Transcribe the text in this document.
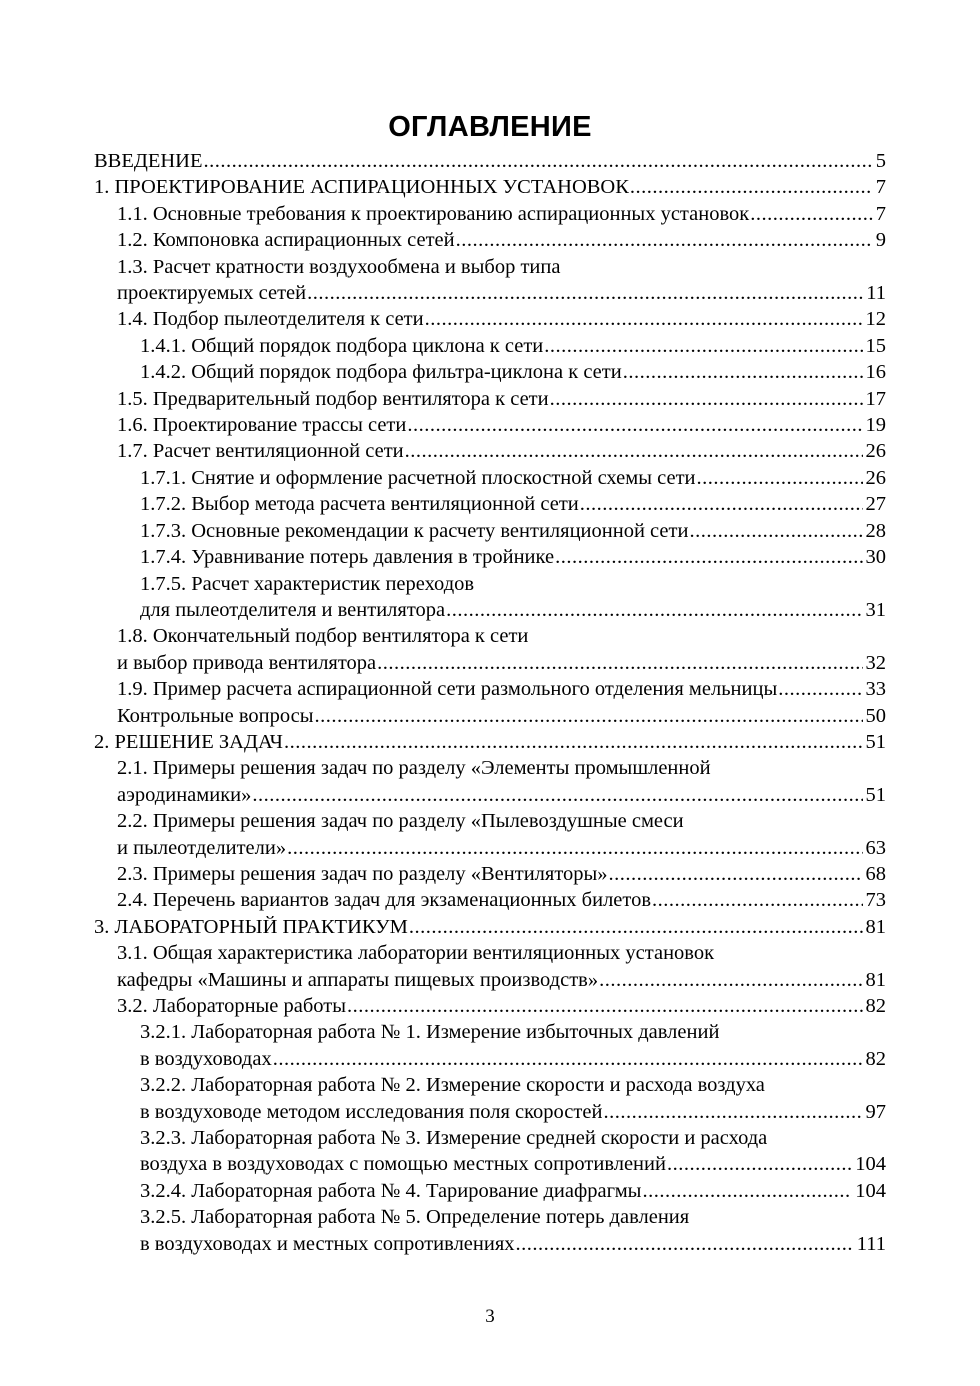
ОГЛАВЛЕНИЕ
ВВЕДЕНИЕ .....	5
1. ПРОЕКТИРОВАНИЕ АСПИРАЦИОННЫХ УСТАНОВОК .....	7
1.1. Основные требования к проектированию аспирационных установок .....	7
1.2. Компоновка аспирационных сетей .....	9
1.3. Расчет кратности воздухообмена и выбор типа
проектируемых сетей .....	11
1.4. Подбор пылеотделителя к сети .....	12
1.4.1. Общий порядок подбора циклона к сети .....	15
1.4.2. Общий порядок подбора фильтра-циклона к сети .....	16
1.5. Предварительный подбор вентилятора к сети .....	17
1.6. Проектирование трассы сети .....	19
1.7. Расчет вентиляционной сети .....	26
1.7.1. Снятие и оформление расчетной плоскостной схемы сети .....	26
1.7.2. Выбор метода расчета вентиляционной сети .....	27
1.7.3. Основные рекомендации к расчету вентиляционной сети .....	28
1.7.4. Уравнивание потерь давления в тройнике .....	30
1.7.5. Расчет характеристик переходов
для пылеотделителя и вентилятора .....	31
1.8. Окончательный подбор вентилятора к сети
и выбор привода вентилятора .....	32
1.9. Пример расчета аспирационной сети размольного отделения мельницы .....	33
Контрольные вопросы .....	50
2. РЕШЕНИЕ ЗАДАЧ .....	51
2.1. Примеры решения задач по разделу «Элементы промышленной
аэродинамики» .....	51
2.2. Примеры решения задач по разделу «Пылевоздушные смеси
и пылеотделители» .....	63
2.3. Примеры решения задач по разделу «Вентиляторы» .....	68
2.4. Перечень вариантов задач для экзаменационных билетов .....	73
3. ЛАБОРАТОРНЫЙ ПРАКТИКУМ .....	81
3.1. Общая характеристика лаборатории вентиляционных установок
кафедры «Машины и аппараты пищевых производств» .....	81
3.2. Лабораторные работы .....	82
3.2.1. Лабораторная работа № 1. Измерение избыточных давлений
в воздуховодах .....	82
3.2.2. Лабораторная работа № 2. Измерение скорости и расхода воздуха
в воздуховоде методом исследования поля скоростей .....	97
3.2.3. Лабораторная работа № 3. Измерение средней скорости и расхода
воздуха в воздуховодах с помощью местных сопротивлений .....	104
3.2.4. Лабораторная работа № 4. Тарирование диафрагмы .....	104
3.2.5. Лабораторная работа № 5. Определение потерь давления
в воздуховодах и местных сопротивлениях .....	111
3
